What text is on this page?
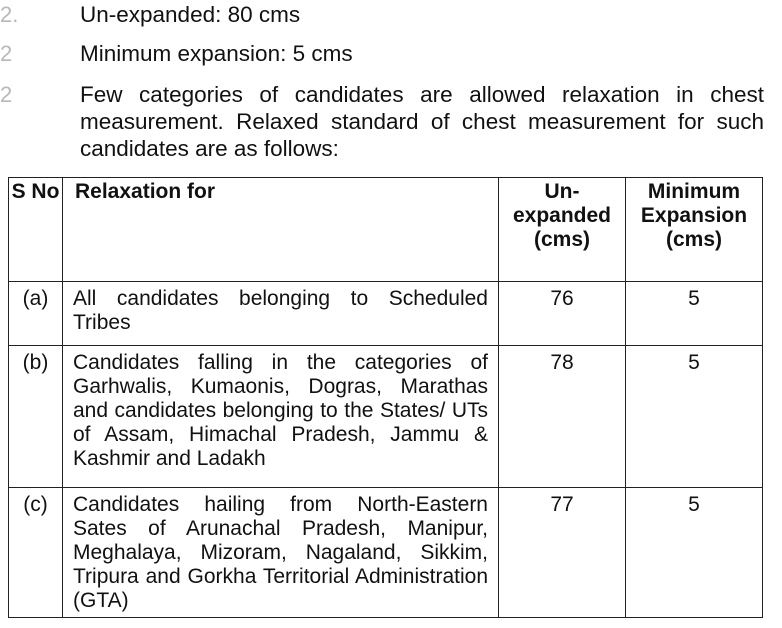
2.
2
2
Un-expanded: 80 cms
Minimum expansion: 5 cms
Few categories of candidates are allowed relaxation in chest measurement. Relaxed standard of chest measurement for such candidates are as follows:
S No	Relaxation for	Un-expanded (cms)	Minimum Expansion (cms)
(a)	All candidates belonging to Scheduled Tribes	76	5
(b)	Candidates falling in the categories of Garhwalis, Kumaonis, Dogras, Marathas and candidates belonging to the States/ UTs of Assam, Himachal Pradesh, Jammu & Kashmir and Ladakh	78	5
(c)	Candidates hailing from North-Eastern Sates of Arunachal Pradesh, Manipur, Meghalaya, Mizoram, Nagaland, Sikkim, Tripura and Gorkha Territorial Administration (GTA)	77	5
